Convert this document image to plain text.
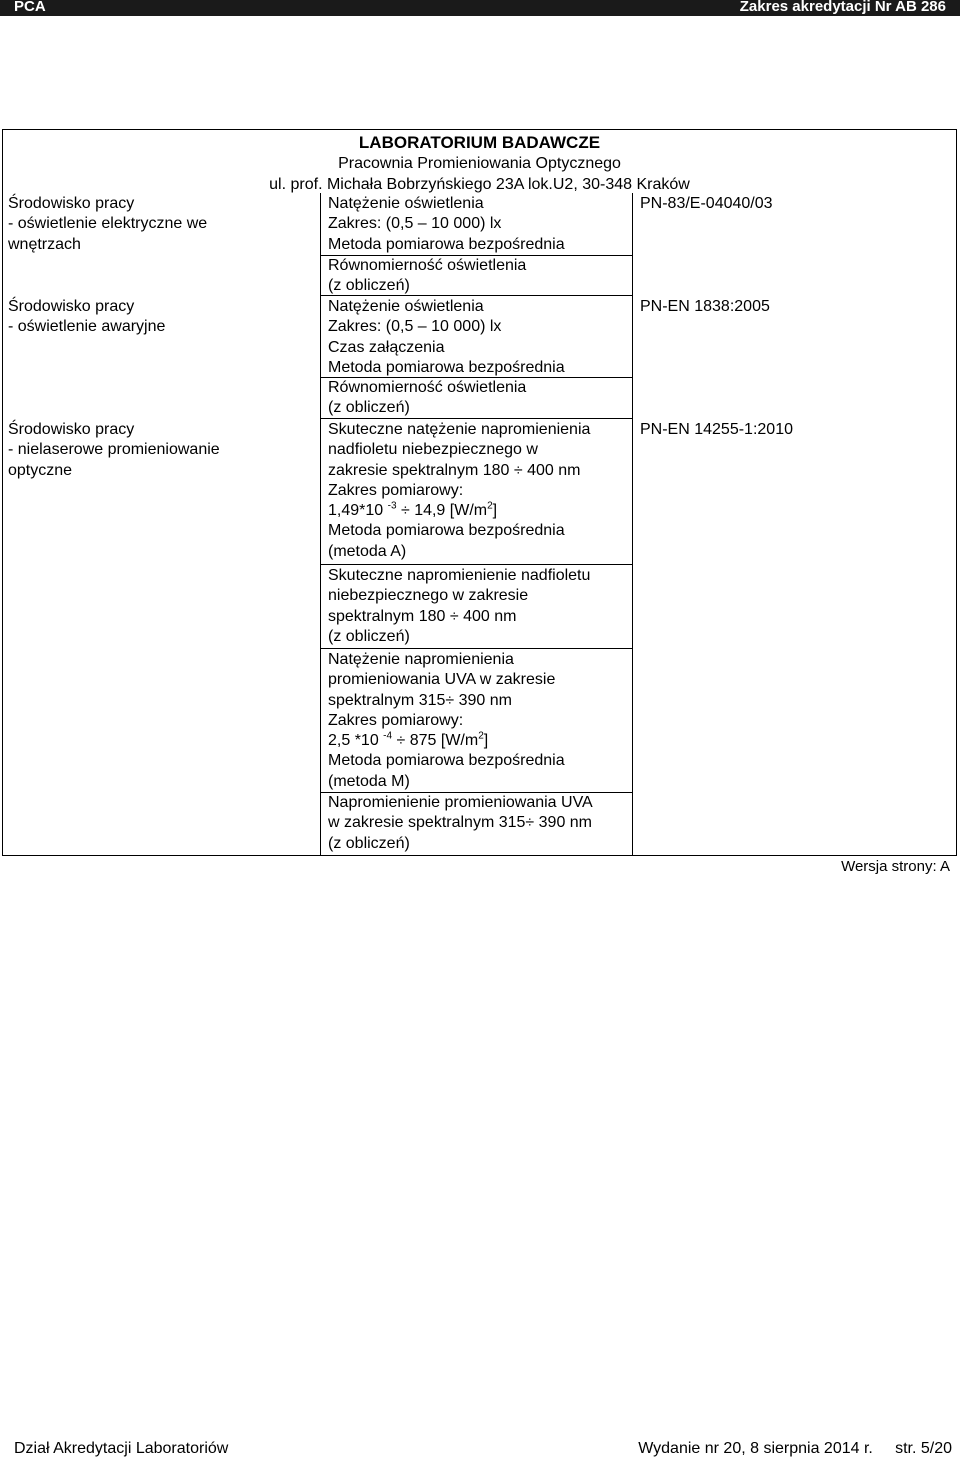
PCA	Zakres akredytacji Nr AB 286
LABORATORIUM BADAWCZE
Pracownia Promieniowania Optycznego
ul. prof. Michała Bobrzyńskiego 23A lok.U2, 30-348 Kraków
Środowisko pracy
- oświetlenie elektryczne we
wnętrzach
Natężenie oświetlenia
Zakres: (0,5 – 10 000) lx
Metoda pomiarowa bezpośrednia
Równomierność oświetlenia
(z obliczeń)
PN-83/E-04040/03
Środowisko pracy
- oświetlenie awaryjne
Natężenie oświetlenia
Zakres: (0,5 – 10 000) lx
Czas załączenia
Metoda pomiarowa bezpośrednia
Równomierność oświetlenia
(z obliczeń)
PN-EN 1838:2005
Środowisko pracy
- nielaserowe promieniowanie
optyczne
Skuteczne natężenie napromienienia
nadfioletu niebezpiecznego w
zakresie spektralnym 180 ÷ 400 nm
Zakres pomiarowy:
1,49*10 $^{-3}$ ÷ 14,9 $[W/m^2]$
Metoda pomiarowa bezpośrednia
(metoda A)
Skuteczne napromienienie nadfioletu
niebezpiecznego w zakresie
spektralnym 180 ÷ 400 nm
(z obliczeń)
Natężenie napromienienia
promieniowania UVA w zakresie
spektralnym 315÷ 390 nm
Zakres pomiarowy:
2,5 *10 $^{-4}$ ÷ 875 $[W/m^2]$
Metoda pomiarowa bezpośrednia
(metoda M)
Napromienienie promieniowania UVA
w zakresie spektralnym 315÷ 390 nm
(z obliczeń)
PN-EN 14255-1:2010
Wersja strony: A
Dział Akredytacji Laboratoriów	Wydanie nr 20, 8 sierpnia 2014 r.     str. 5/20
